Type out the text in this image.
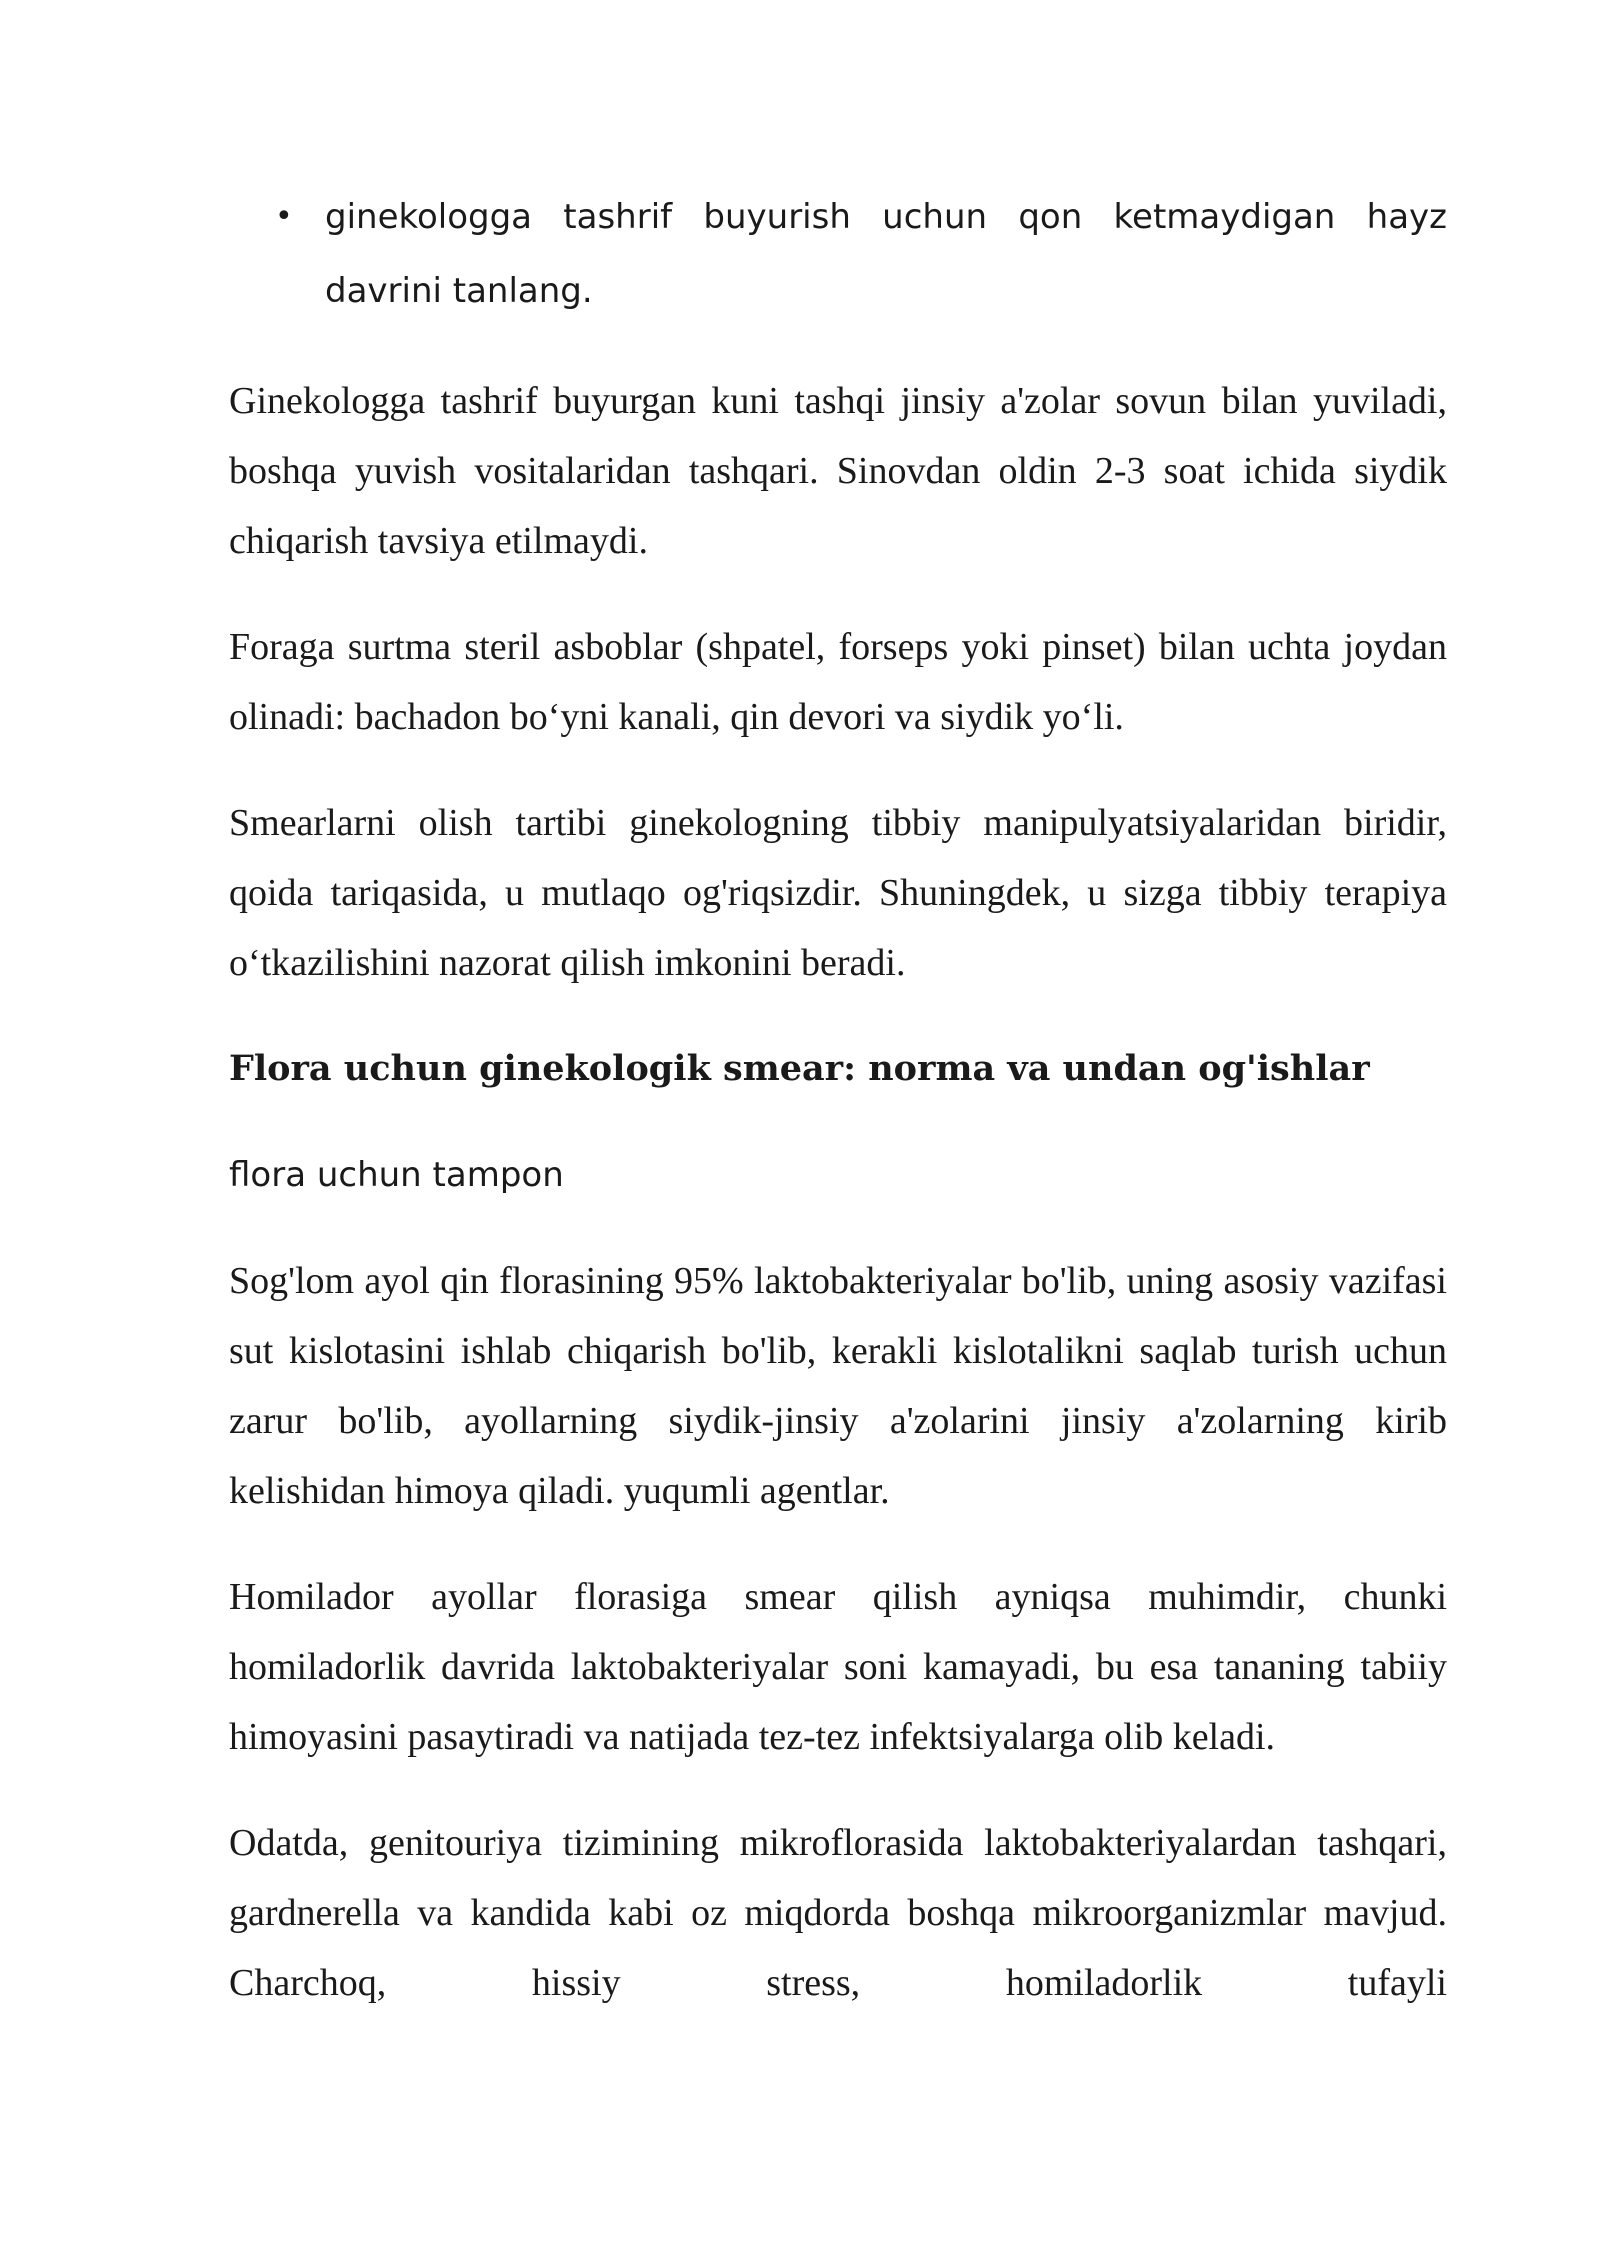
• ginekologga tashrif buyurish uchun qon ketmaydigan hayz davrini tanlang.

Ginekologga tashrif buyurgan kuni tashqi jinsiy a'zolar sovun bilan yuviladi, boshqa yuvish vositalaridan tashqari. Sinovdan oldin 2-3 soat ichida siydik chiqarish tavsiya etilmaydi.

Foraga surtma steril asboblar (shpatel, forseps yoki pinset) bilan uchta joydan olinadi: bachadon bo‘yni kanali, qin devori va siydik yo‘li.

Smearlarni olish tartibi ginekologning tibbiy manipulyatsiyalaridan biridir, qoida tariqasida, u mutlaqo og'riqsizdir. Shuningdek, u sizga tibbiy terapiya o‘tkazilishini nazorat qilish imkonini beradi.

Flora uchun ginekologik smear: norma va undan og'ishlar
flora uchun tampon

Sog'lom ayol qin florasining 95% laktobakteriyalar bo'lib, uning asosiy vazifasi sut kislotasini ishlab chiqarish bo'lib, kerakli kislotalikni saqlab turish uchun zarur bo'lib, ayollarning siydik-jinsiy a'zolarini jinsiy a'zolarning kirib kelishidan himoya qiladi. yuqumli agentlar.

Homilador ayollar florasiga smear qilish ayniqsa muhimdir, chunki homiladorlik davrida laktobakteriyalar soni kamayadi, bu esa tananing tabiiy himoyasini pasaytiradi va natijada tez-tez infektsiyalarga olib keladi.

Odatda, genitouriya tizimining mikroflorasida laktobakteriyalardan tashqari, gardnerella va kandida kabi oz miqdorda boshqa mikroorganizmlar mavjud. Charchoq, hissiy stress, homiladorlik tufayli
